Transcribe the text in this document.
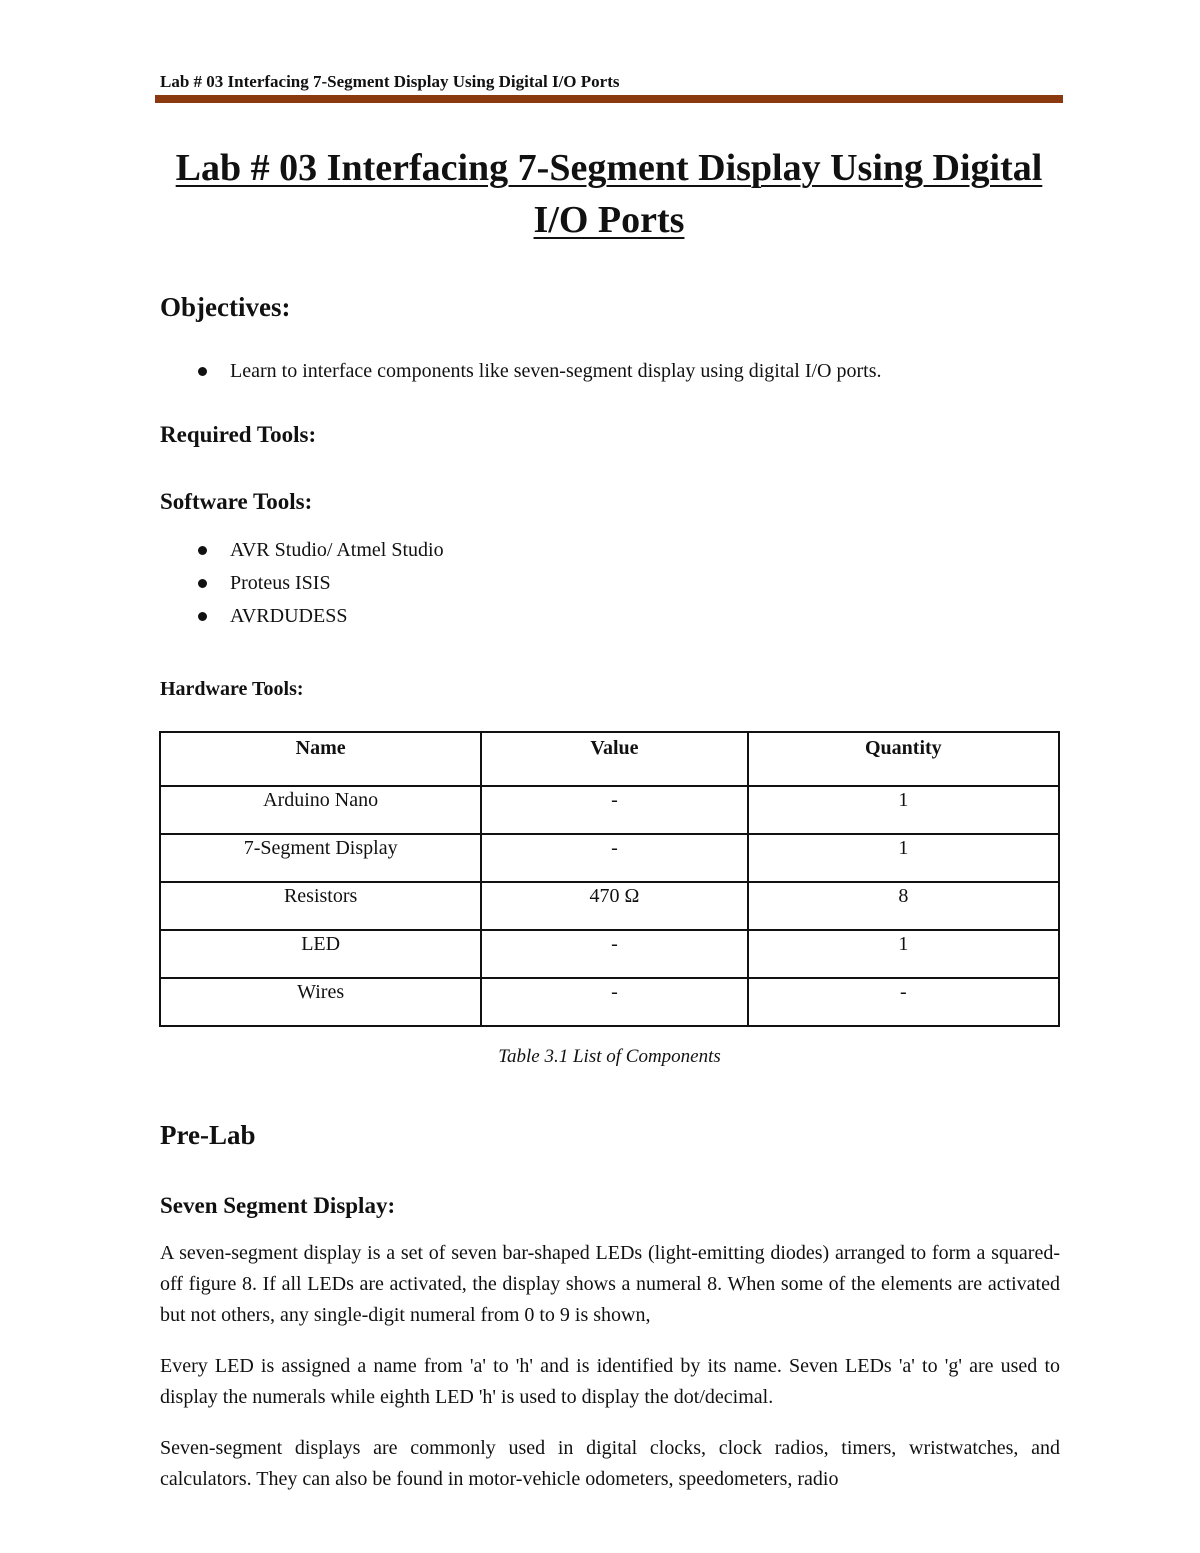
Lab # 03 Interfacing 7-Segment Display Using Digital I/O Ports
Lab # 03 Interfacing 7-Segment Display Using Digital
I/O Ports
Objectives:
Learn to interface components like seven-segment display using digital I/O ports.
Required Tools:
Software Tools:
AVR Studio/ Atmel Studio
Proteus ISIS
AVRDUDESS
Hardware Tools:
Name	Value	Quantity
Arduino Nano	-	1
7-Segment Display	-	1
Resistors	470 Ω	8
LED	-	1
Wires	-	-
Table 3.1 List of Components
Pre-Lab
Seven Segment Display:

A seven-segment display is a set of seven bar-shaped LEDs (light-emitting diodes) arranged to form a squared-off figure 8. If all LEDs are activated, the display shows a numeral 8. When some of the elements are activated but not others, any single-digit numeral from 0 to 9 is shown,

Every LED is assigned a name from 'a' to 'h' and is identified by its name. Seven LEDs 'a' to 'g' are used to display the numerals while eighth LED 'h' is used to display the dot/decimal.

Seven-segment displays are commonly used in digital clocks, clock radios, timers, wristwatches, and calculators. They can also be found in motor-vehicle odometers, speedometers, radio
